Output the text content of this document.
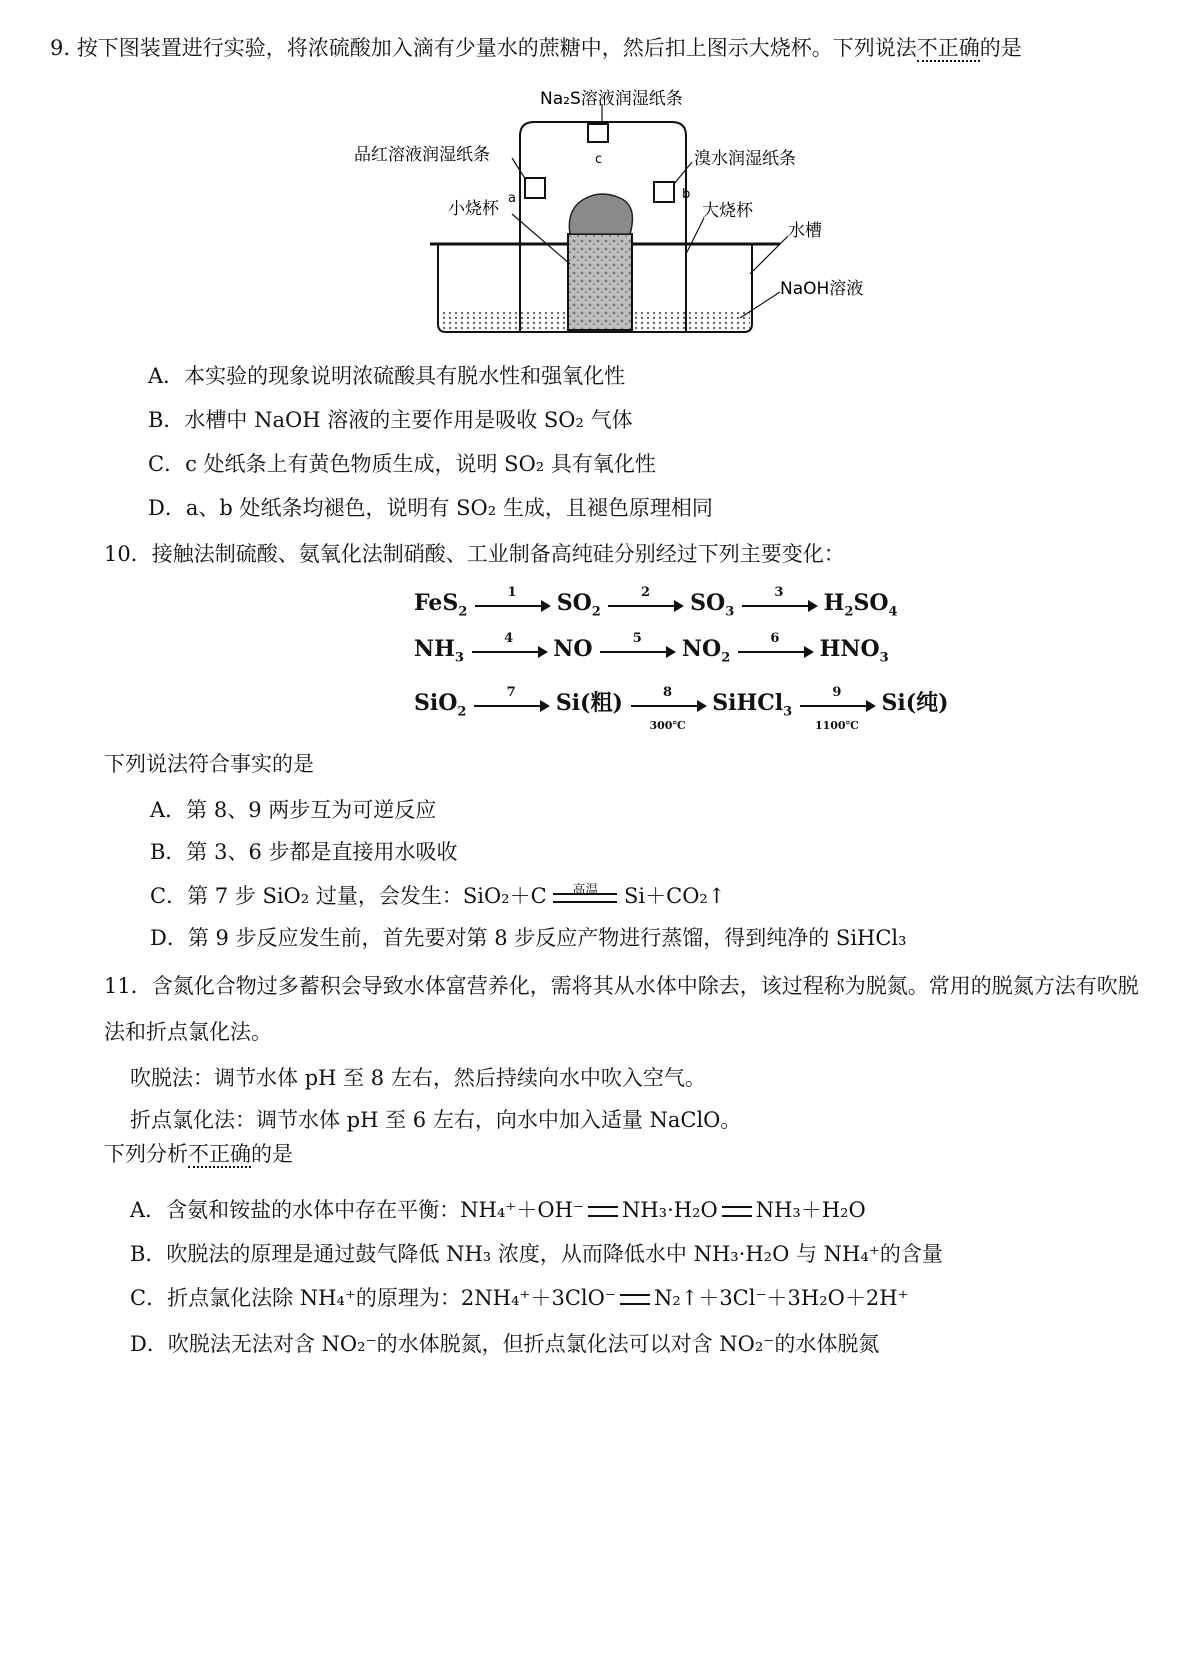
9. 按下图装置进行实验，将浓硫酸加入滴有少量水的蔗糖中，然后扣上图示大烧杯。下列说法不正确的是
Na₂S溶液润湿纸条
c
品红溶液润湿纸条
a
小烧杯
溴水润湿纸条
b
大烧杯
水槽
NaOH溶液
A．本实验的现象说明浓硫酸具有脱水性和强氧化性
B．水槽中 NaOH 溶液的主要作用是吸收 SO₂ 气体
C．c 处纸条上有黄色物质生成，说明 SO₂ 具有氧化性
D．a、b 处纸条均褪色，说明有 SO₂ 生成，且褪色原理相同
10．接触法制硫酸、氨氧化法制硝酸、工业制备高纯硅分别经过下列主要变化：
FeS$_2$
1	$SO_2$
2	$SO_3$
3	$H_2SO_4$
$NH_3$
4	NO	5	$NO_2$
6	$HNO_3$
SiO$_2$
7	Si(粗)	8
300℃
SiHCl$_3$
9
1100℃
Si(纯)
下列说法符合事实的是
A．第 8、9 两步互为可逆反应
B．第 3、6 步都是直接用水吸收
C．第 7 步 SiO₂ 过量，会发生：SiO₂＋C	高温	Si＋CO₂↑
D．第 9 步反应发生前，首先要对第 8 步反应产物进行蒸馏，得到纯净的 SiHCl₃
11．含氮化合物过多蓄积会导致水体富营养化，需将其从水体中除去，该过程称为脱氮。常用的脱氮方法有吹脱
法和折点氯化法。
吹脱法：调节水体 pH 至 8 左右，然后持续向水中吹入空气。
折点氯化法：调节水体 pH 至 6 左右，向水中加入适量 NaClO。
下列分析不正确的是
A．含氨和铵盐的水体中存在平衡：NH₄⁺＋OH⁻ NH₃·H₂O NH₃＋H₂O
B．吹脱法的原理是通过鼓气降低 NH₃ 浓度，从而降低水中 NH₃·H₂O 与 NH₄⁺的含量
C．折点氯化法除 NH₄⁺的原理为：2NH₄⁺＋3ClO⁻ N₂↑＋3Cl⁻＋3H₂O＋2H⁺
D．吹脱法无法对含 NO₂⁻的水体脱氮，但折点氯化法可以对含 NO₂⁻的水体脱氮
